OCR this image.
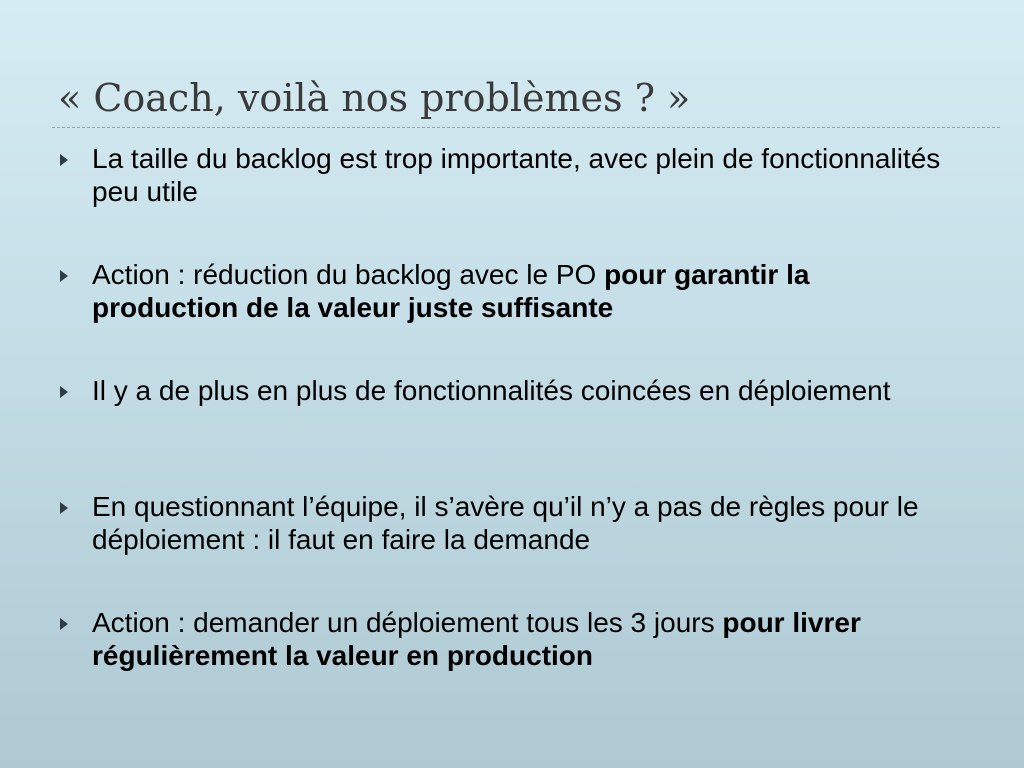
« Coach, voilà nos problèmes ? »
La taille du backlog est trop importante, avec plein de fonctionnalités peu utile
Action : réduction du backlog avec le PO pour garantir la production de la valeur juste suffisante
Il y a de plus en plus de fonctionnalités coincées en déploiement
En questionnant l’équipe, il s’avère qu’il n’y a pas de règles pour le déploiement : il faut en faire la demande
Action : demander un déploiement tous les 3 jours pour livrer régulièrement la valeur en production
